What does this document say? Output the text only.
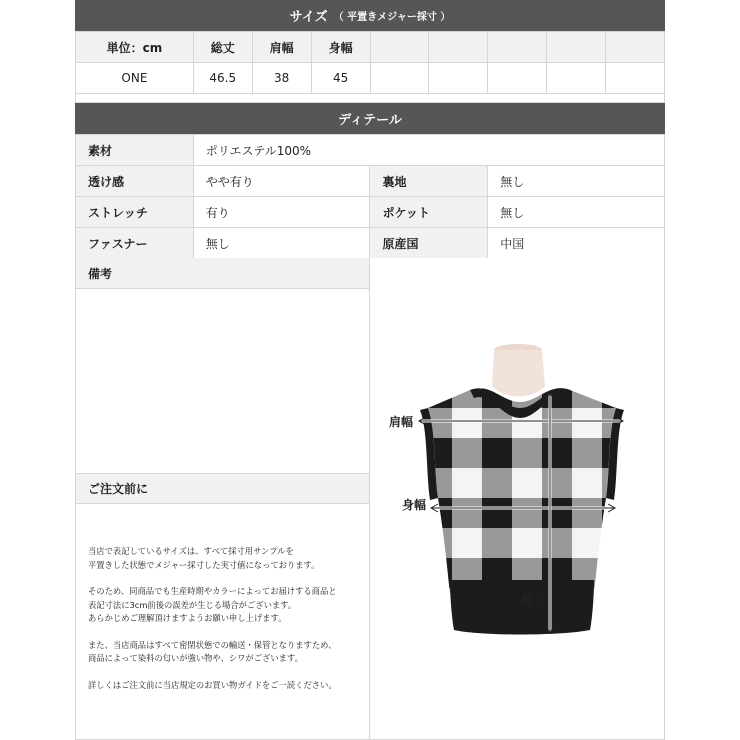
サイズ （ 平置きメジャー採寸 ）
単位：cm	総丈	肩幅	身幅					
ONE	46.5	38	45					
ディテール
素材	ポリエステル100%		
透け感	やや有り	裏地	無し
ストレッチ	有り	ポケット	無し
ファスナー	無し	原産国	中国
備考
ご注文前に

当店で表記しているサイズは、すべて採寸用サンプルを
平置きした状態でメジャー採寸した実寸値になっております。

そのため、同商品でも生産時期やカラーによってお届けする商品と
表記寸法に3cm前後の誤差が生じる場合がございます。
あらかじめご理解頂けますようお願い申し上げます。

また、当店商品はすべて密閉状態での輸送・保管となりますため、
商品によって染料の匂いが強い物や、シワがございます。

詳しくはご注文前に当店規定のお買い物ガイドをご一読ください。

肩幅
身幅
総丈
